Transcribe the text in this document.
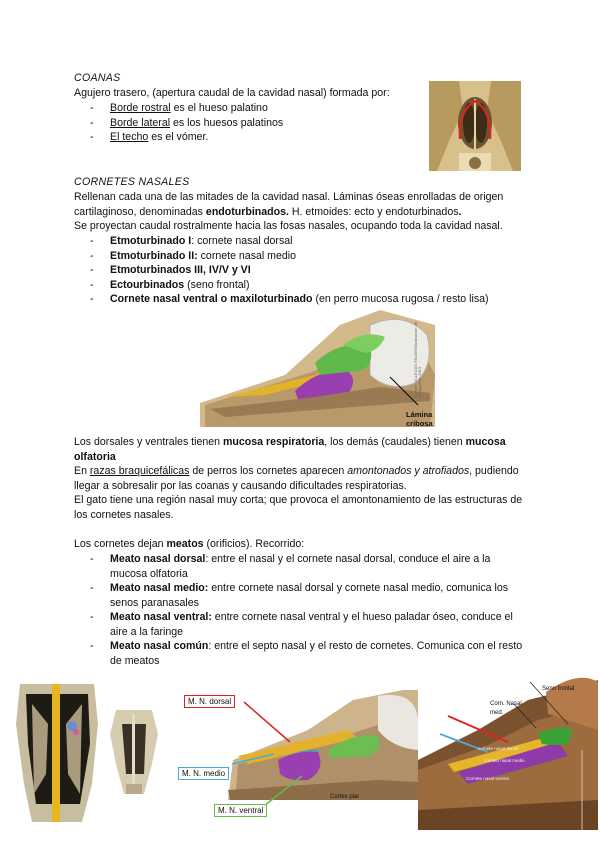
COANAS
Agujero trasero, (apertura caudal de la cavidad nasal) formada por:
- Borde rostral es el hueso palatino
- Borde lateral es los huesos palatinos
- El techo es el vómer.
CORNETES NASALES
Rellenan cada una de las mitades de la cavidad nasal. Láminas óseas enrolladas de origen cartilaginoso, denominadas endoturbinados. H. etmoides: ecto y endoturbinados.
Se proyectan caudal rostralmente hacia las fosas nasales, ocupando toda la cavidad nasal.
- Etmoturbinado I: cornete nasal dorsal
- Etmoturbinado II: cornete nasal medio
- Etmoturbinados III, IV/V y VI
- Ectourbinados (seno frontal)
- Cornete nasal ventral o maxiloturbinado (en perro mucosa rugosa / resto lisa)
Lámina
cribosa
Fuente: VILLEGAS PALERO/Ilustración de divulgación, 2013
Los dorsales y ventrales tienen mucosa respiratoria, los demás (caudales) tienen mucosa olfatoria
En razas braquicefálicas de perros los cornetes aparecen amontonados y atrofiados, pudiendo llegar a sobresalir por las coanas y causando dificultades respiratorias.
El gato tiene una región nasal muy corta; que provoca el amontonamiento de las estructuras de los cornetes nasales.
Los cornetes dejan meatos (orificios). Recorrido:
- Meato nasal dorsal: entre el nasal y el cornete nasal dorsal, conduce el aire a la mucosa olfatoria
- Meato nasal medio: entre cornete nasal dorsal y cornete nasal medio, comunica los senos paranasales
- Meato nasal ventral: entre cornete nasal ventral y el hueso paladar óseo, conduce el aire a la faringe
- Meato nasal común: entre el septo nasal y el resto de cornetes. Comunica con el resto de meatos
M. N. dorsal
M. N. medio
M. N. ventral
Cortes plar
Seno frontal
Corn. Nasal
med.
cornete nasal dorsal
cornete nasal medio
Cornete nasal ventral
